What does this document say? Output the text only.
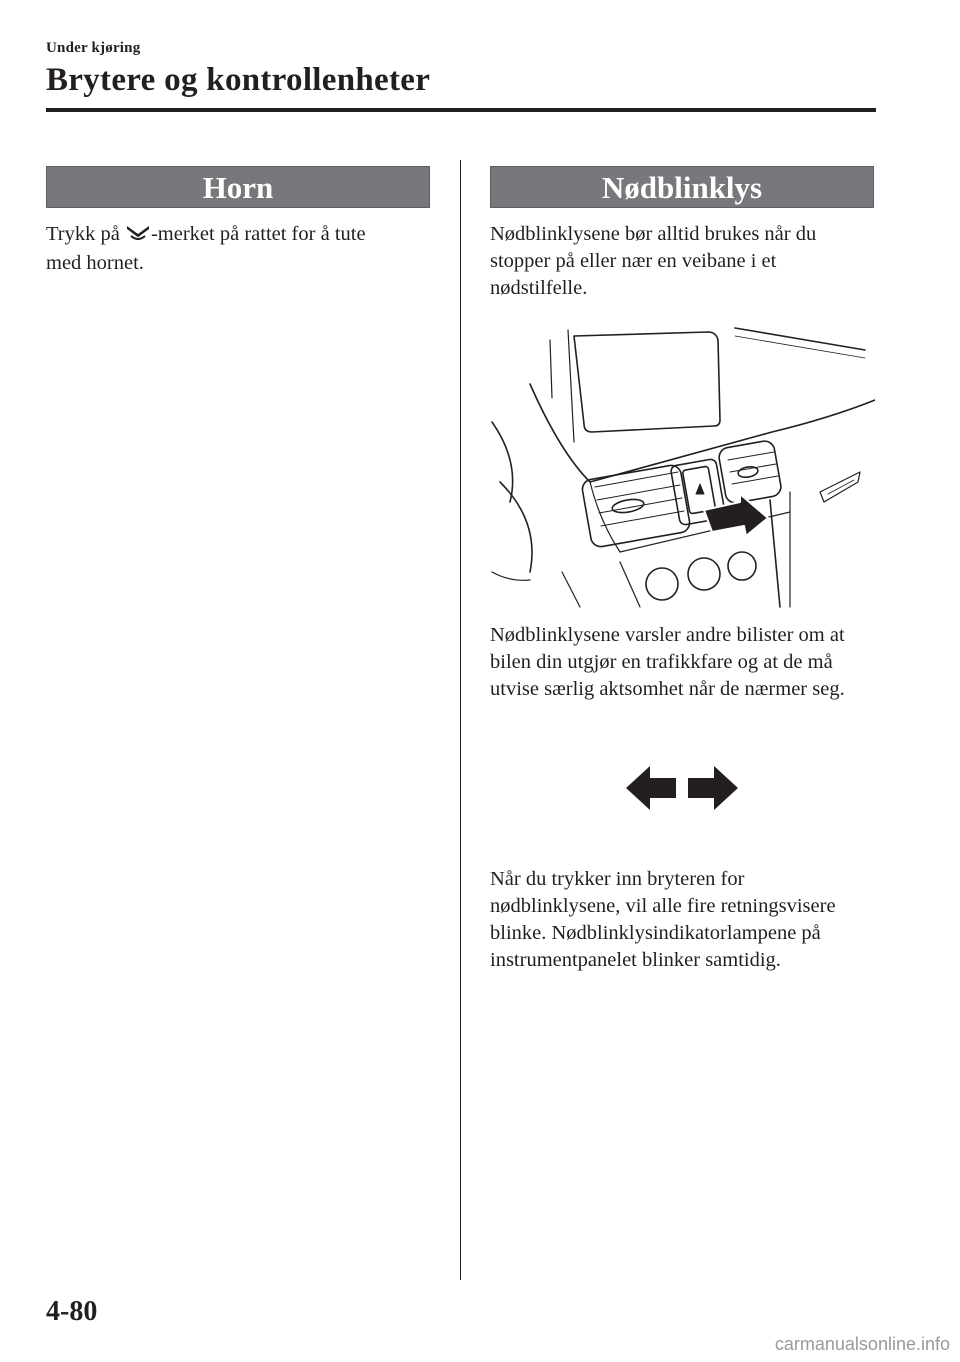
Under kjøring
Brytere og kontrollenheter
Horn
Trykk på -merket på rattet for å tute
med hornet.
Nødblinklys
Nødblinklysene bør alltid brukes når du
stopper på eller nær en veibane i et
nødstilfelle.
Nødblinklysene varsler andre bilister om at
bilen din utgjør en trafikkfare og at de må
utvise særlig aktsomhet når de nærmer seg.
Når du trykker inn bryteren for
nødblinklysene, vil alle fire retningsvisere
blinke. Nødblinklysindikatorlampene på
instrumentpanelet blinker samtidig.
4-80
carmanualsonline.info
